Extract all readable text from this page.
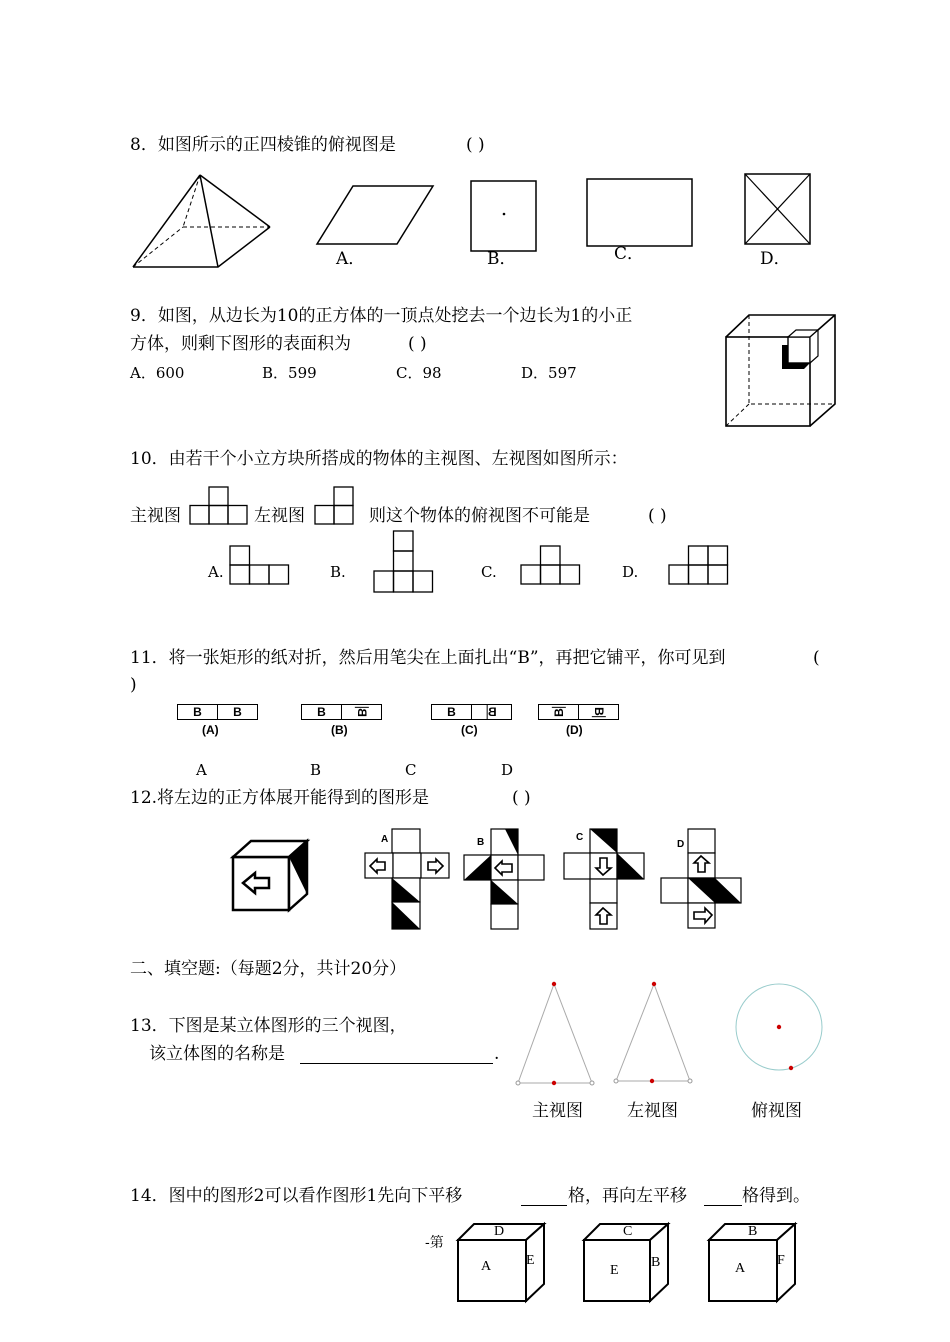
8．如图所示的正四棱锥的俯视图是	( )
A．	B．	C．	D．
9．如图，从边长为10的正方体的一顶点处挖去一个边长为1的小正
方体，则剩下图形的表面积为	( )
A．600	B．599	C．98	D．597
10．由若干个小立方块所搭成的物体的主视图、左视图如图所示：
主视图	左视图	则这个物体的俯视图不可能是	( )
A.	B.	C.	D.
11．将一张矩形的纸对折，然后用笔尖在上面扎出“B”，再把它铺平，你可见到	(
)
B	B
(A)
B	B
(B)
B	B
(C)
B	B
(D)
A	B	C	D
12.将左边的正方体展开能得到的图形是	( )
A	B	C
D
二、填空题:（每题2分，共计20分）
13．下图是某立体图形的三个视图，
该立体图的名称是	.
主视图	左视图	俯视图
14．图中的图形2可以看作图形1先向下平移	格，再向左平移	格得到。
-第
D
A E
C
E
B
B
A
F
